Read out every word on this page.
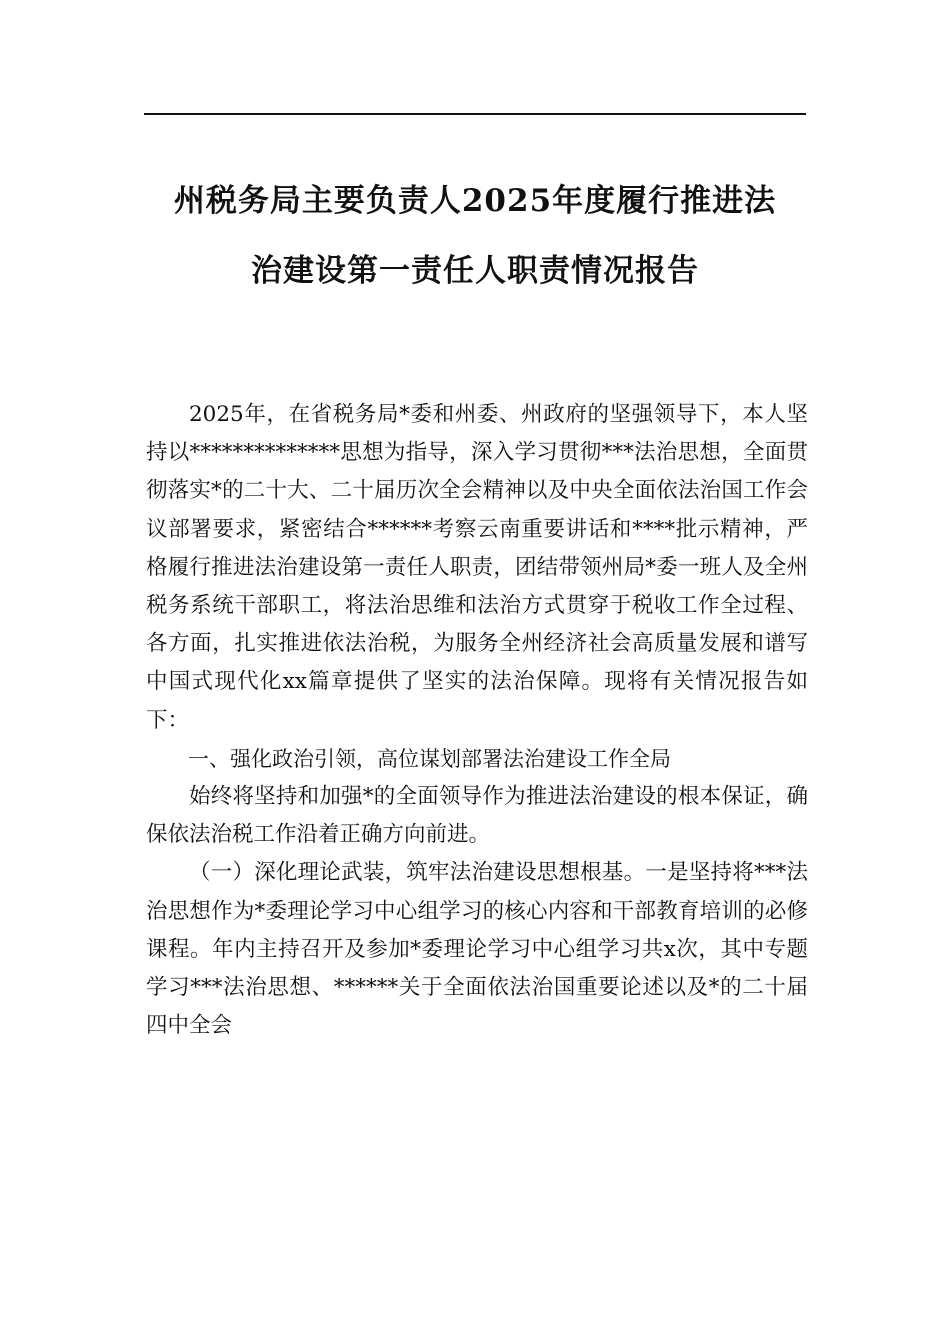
州税务局主要负责人2025年度履行推进法
治建设第一责任人职责情况报告

2025年，在省税务局*委和州委、州政府的坚强领导下，本人坚持以**************思想为指导，深入学习贯彻***法治思想，全面贯彻落实*的二十大、二十届历次全会精神以及中央全面依法治国工作会议部署要求，紧密结合******考察云南重要讲话和****批示精神，严格履行推进法治建设第一责任人职责，团结带领州局*委一班人及全州税务系统干部职工，将法治思维和法治方式贯穿于税收工作全过程、各方面，扎实推进依法治税，为服务全州经济社会高质量发展和谱写中国式现代化xx篇章提供了坚实的法治保障。现将有关情况报告如下：

一、强化政治引领，高位谋划部署法治建设工作全局

始终将坚持和加强*的全面领导作为推进法治建设的根本保证，确保依法治税工作沿着正确方向前进。

（一）深化理论武装，筑牢法治建设思想根基。一是坚持将***法治思想作为*委理论学习中心组学习的核心内容和干部教育培训的必修课程。年内主持召开及参加*委理论学习中心组学习共x次，其中专题学习***法治思想、******关于全面依法治国重要论述以及*的二十届四中全会
